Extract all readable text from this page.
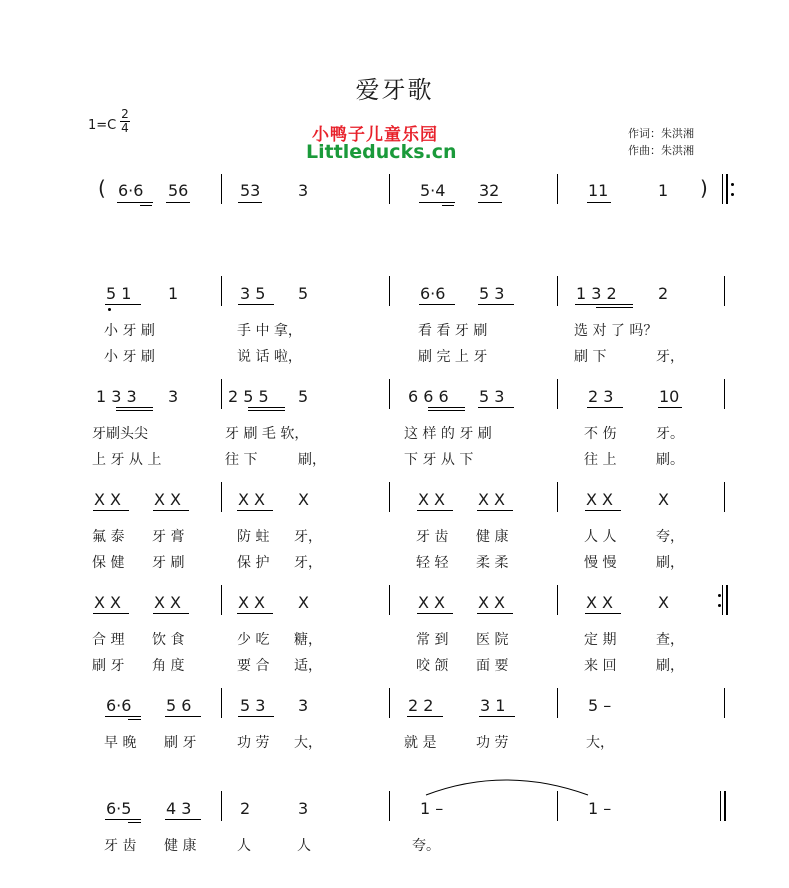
爱牙歌
1=C
2
4	小鸭子儿童乐园
Littleducks.cn
作词：朱洪湘
作曲：朱洪湘
( 6·6 56	53 3	5·4 32	11	1 )
5 1 1	3 5 5	6·6 5 3	1 3 2	2
小 牙 刷	手 中 拿，	看 看 牙 刷	选 对 了 吗？
小 牙 刷	说 话 啦，	刷 完 上 牙	刷 下	牙，
1 3 3 3	2 5 5 5	6 6 6 5 3	2 3	10
牙刷头尖	牙 刷 毛 软，	这 样 的 牙 刷	不 伤	牙。
上 牙 从 上	往 下	刷，	下 牙 从 下	往 上	刷。
X X X X	X X X	X X X X	X X	X
氟 泰 牙 膏	防 蛀 牙，	牙 齿 健 康	人 人	夸，
保 健 牙 刷	保 护 牙，	轻 轻 柔 柔	慢 慢	刷，
X X X X	X X X	X X X X	X X	X
合 理 饮 食	少 吃 糖，	常 到 医 院	定 期	查，
刷 牙 角 度	要 合 适，	咬 颌 面 要	来 回	刷，
6·6 5 6	5 3 3	2 2	3 1	5 –
早 晚 刷 牙	功 劳 大，	就 是	功 劳	大，
6·5 4 3	2	3	1 –	1 –
牙 齿 健 康	人	人	夸。
